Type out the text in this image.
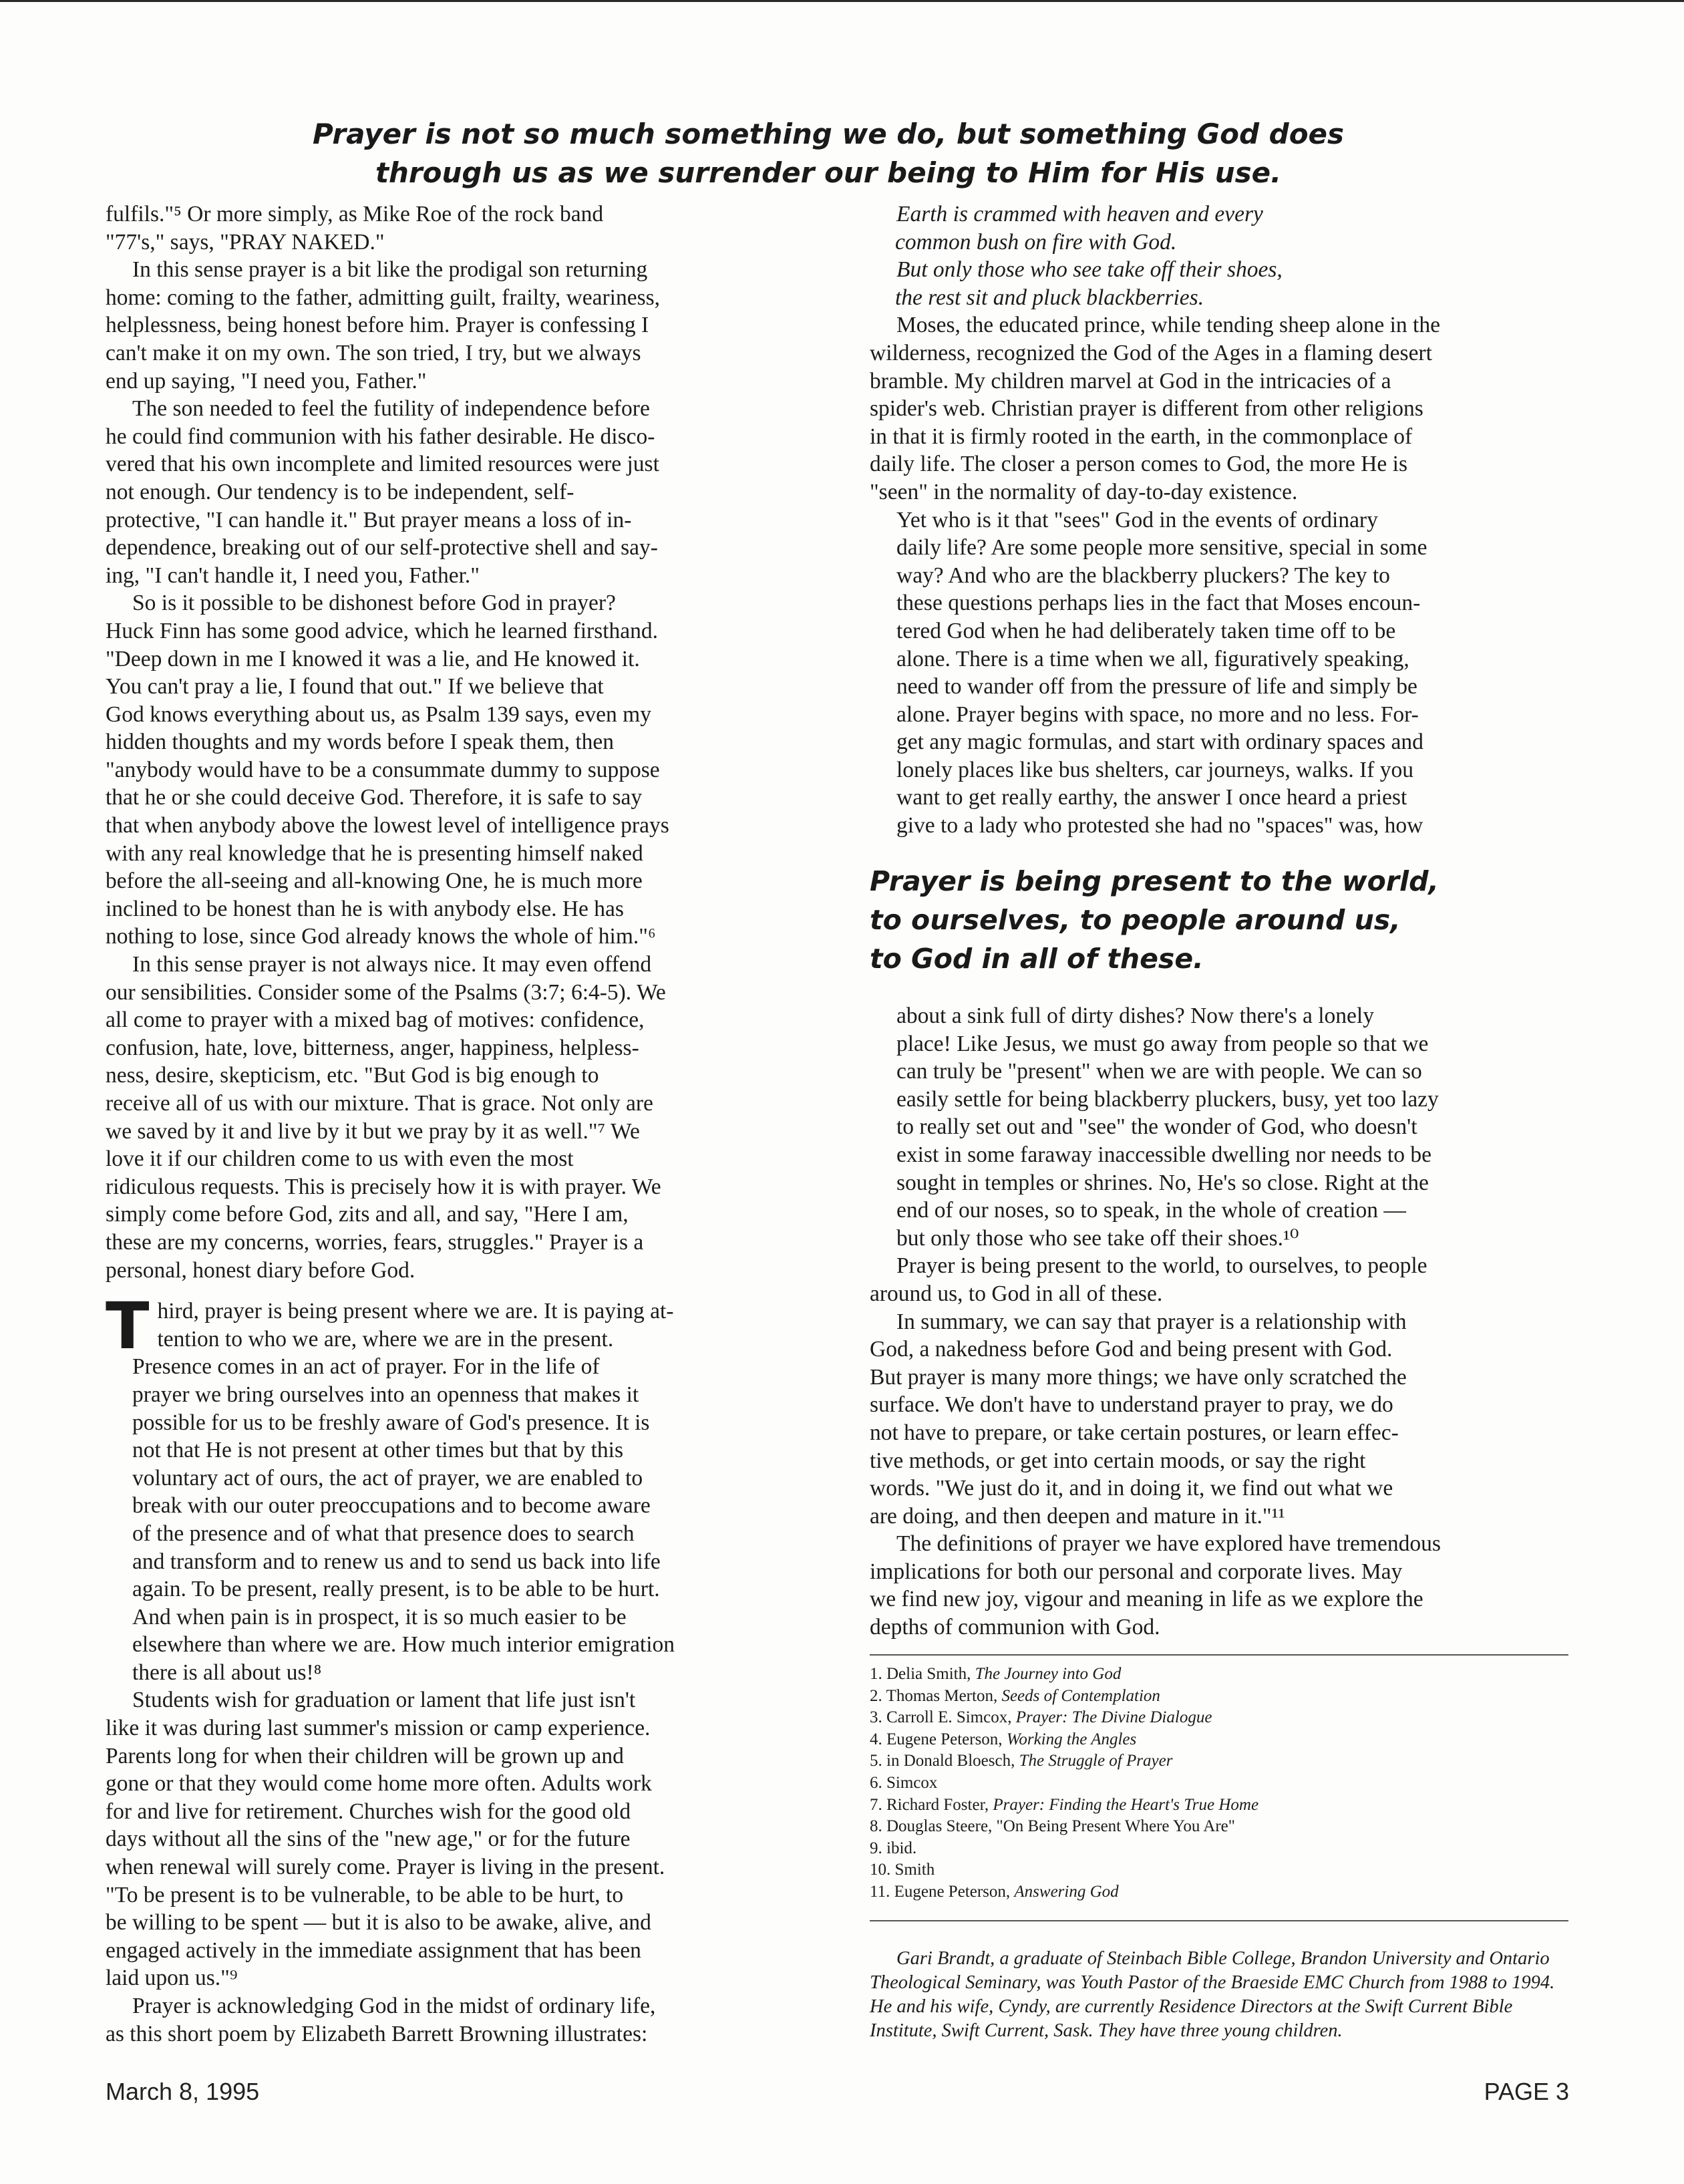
Prayer is not so much something we do, but something God does
through us as we surrender our being to Him for His use.

fulfils."⁵ Or more simply, as Mike Roe of the rock band
"77's," says, "PRAY NAKED."

In this sense prayer is a bit like the prodigal son returning
home: coming to the father, admitting guilt, frailty, weariness,
helplessness, being honest before him. Prayer is confessing I
can't make it on my own. The son tried, I try, but we always
end up saying, "I need you, Father."

The son needed to feel the futility of independence before
he could find communion with his father desirable. He disco-
vered that his own incomplete and limited resources were just
not enough. Our tendency is to be independent, self-
protective, "I can handle it." But prayer means a loss of in-
dependence, breaking out of our self-protective shell and say-
ing, "I can't handle it, I need you, Father."

So is it possible to be dishonest before God in prayer?
Huck Finn has some good advice, which he learned firsthand.
"Deep down in me I knowed it was a lie, and He knowed it.
You can't pray a lie, I found that out." If we believe that
God knows everything about us, as Psalm 139 says, even my
hidden thoughts and my words before I speak them, then
"anybody would have to be a consummate dummy to suppose
that he or she could deceive God. Therefore, it is safe to say
that when anybody above the lowest level of intelligence prays
with any real knowledge that he is presenting himself naked
before the all-seeing and all-knowing One, he is much more
inclined to be honest than he is with anybody else. He has
nothing to lose, since God already knows the whole of him."⁶

In this sense prayer is not always nice. It may even offend
our sensibilities. Consider some of the Psalms (3:7; 6:4-5). We
all come to prayer with a mixed bag of motives: confidence,
confusion, hate, love, bitterness, anger, happiness, helpless-
ness, desire, skepticism, etc. "But God is big enough to
receive all of us with our mixture. That is grace. Not only are
we saved by it and live by it but we pray by it as well."⁷ We
love it if our children come to us with even the most
ridiculous requests. This is precisely how it is with prayer. We
simply come before God, zits and all, and say, "Here I am,
these are my concerns, worries, fears, struggles." Prayer is a
personal, honest diary before God.

T hird, prayer is being present where we are. It is paying at-
tention to who we are, where we are in the present.
Presence comes in an act of prayer. For in the life of
prayer we bring ourselves into an openness that makes it
possible for us to be freshly aware of God's presence. It is
not that He is not present at other times but that by this
voluntary act of ours, the act of prayer, we are enabled to
break with our outer preoccupations and to become aware
of the presence and of what that presence does to search
and transform and to renew us and to send us back into life
again. To be present, really present, is to be able to be hurt.
And when pain is in prospect, it is so much easier to be
elsewhere than where we are. How much interior emigration
there is all about us!⁸

Students wish for graduation or lament that life just isn't
like it was during last summer's mission or camp experience.
Parents long for when their children will be grown up and
gone or that they would come home more often. Adults work
for and live for retirement. Churches wish for the good old
days without all the sins of the "new age," or for the future
when renewal will surely come. Prayer is living in the present.
"To be present is to be vulnerable, to be able to be hurt, to
be willing to be spent — but it is also to be awake, alive, and
engaged actively in the immediate assignment that has been
laid upon us."⁹

Prayer is acknowledging God in the midst of ordinary life,
as this short poem by Elizabeth Barrett Browning illustrates:

Earth is crammed with heaven and every
common bush on fire with God.
But only those who see take off their shoes,
the rest sit and pluck blackberries.

Moses, the educated prince, while tending sheep alone in the
wilderness, recognized the God of the Ages in a flaming desert
bramble. My children marvel at God in the intricacies of a
spider's web. Christian prayer is different from other religions
in that it is firmly rooted in the earth, in the commonplace of
daily life. The closer a person comes to God, the more He is
"seen" in the normality of day-to-day existence.

Yet who is it that "sees" God in the events of ordinary
daily life? Are some people more sensitive, special in some
way? And who are the blackberry pluckers? The key to
these questions perhaps lies in the fact that Moses encoun-
tered God when he had deliberately taken time off to be
alone. There is a time when we all, figuratively speaking,
need to wander off from the pressure of life and simply be
alone. Prayer begins with space, no more and no less. For-
get any magic formulas, and start with ordinary spaces and
lonely places like bus shelters, car journeys, walks. If you
want to get really earthy, the answer I once heard a priest
give to a lady who protested she had no "spaces" was, how

Prayer is being present to the world,
to ourselves, to people around us,
to God in all of these.

about a sink full of dirty dishes? Now there's a lonely
place! Like Jesus, we must go away from people so that we
can truly be "present" when we are with people. We can so
easily settle for being blackberry pluckers, busy, yet too lazy
to really set out and "see" the wonder of God, who doesn't
exist in some faraway inaccessible dwelling nor needs to be
sought in temples or shrines. No, He's so close. Right at the
end of our noses, so to speak, in the whole of creation —
but only those who see take off their shoes.¹⁰

Prayer is being present to the world, to ourselves, to people
around us, to God in all of these.

In summary, we can say that prayer is a relationship with
God, a nakedness before God and being present with God.
But prayer is many more things; we have only scratched the
surface. We don't have to understand prayer to pray, we do
not have to prepare, or take certain postures, or learn effec-
tive methods, or get into certain moods, or say the right
words. "We just do it, and in doing it, we find out what we
are doing, and then deepen and mature in it."¹¹

The definitions of prayer we have explored have tremendous
implications for both our personal and corporate lives. May
we find new joy, vigour and meaning in life as we explore the
depths of communion with God.

1. Delia Smith, The Journey into God
2. Thomas Merton, Seeds of Contemplation
3. Carroll E. Simcox, Prayer: The Divine Dialogue
4. Eugene Peterson, Working the Angles
5. in Donald Bloesch, The Struggle of Prayer
6. Simcox
7. Richard Foster, Prayer: Finding the Heart's True Home
8. Douglas Steere, "On Being Present Where You Are"
9. ibid.
10. Smith
11. Eugene Peterson, Answering God

Gari Brandt, a graduate of Steinbach Bible College, Brandon University and Ontario Theological Seminary, was Youth Pastor of the Braeside EMC Church from 1988 to 1994. He and his wife, Cyndy, are currently Residence Directors at the Swift Current Bible Institute, Swift Current, Sask. They have three young children.

March 8, 1995	PAGE 3
